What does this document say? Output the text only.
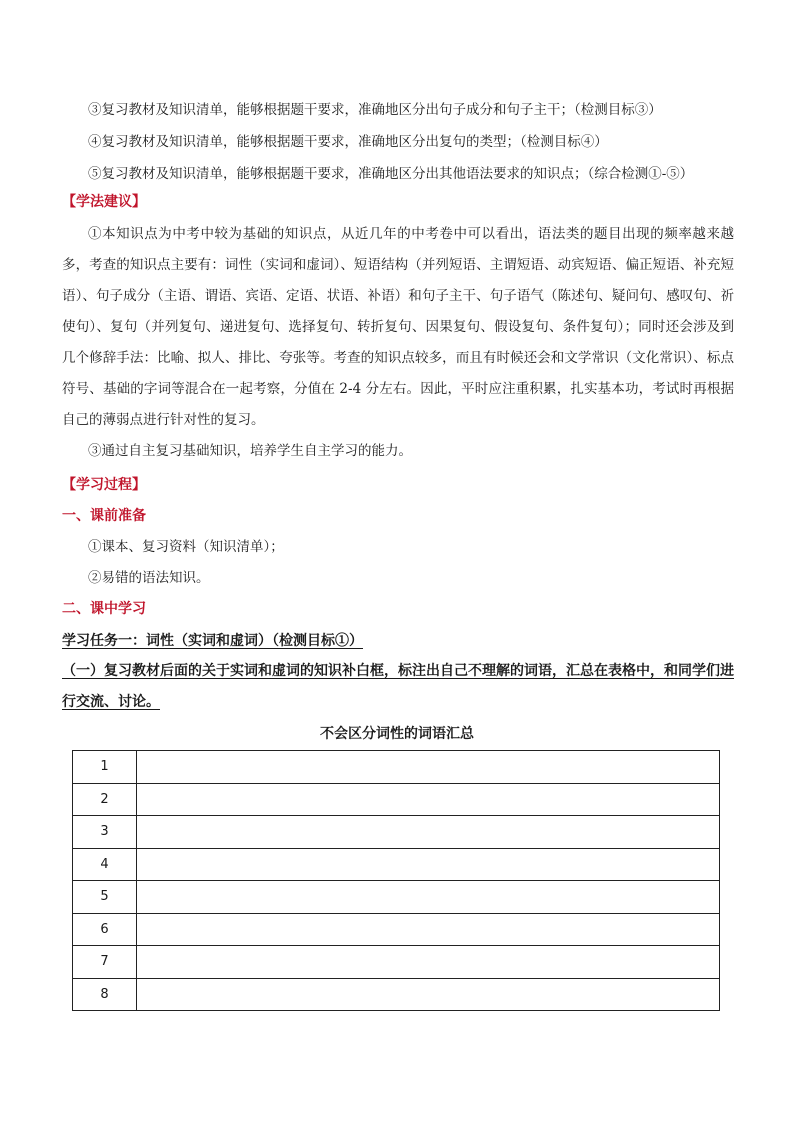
③复习教材及知识清单，能够根据题干要求，准确地区分出句子成分和句子主干；（检测目标③）
④复习教材及知识清单，能够根据题干要求，准确地区分出复句的类型；（检测目标④）
⑤复习教材及知识清单，能够根据题干要求，准确地区分出其他语法要求的知识点；（综合检测①-⑤）
【学法建议】

①本知识点为中考中较为基础的知识点，从近几年的中考卷中可以看出，语法类的题目出现的频率越来越多，考查的知识点主要有：词性（实词和虚词）、短语结构（并列短语、主谓短语、动宾短语、偏正短语、补充短语）、句子成分（主语、谓语、宾语、定语、状语、补语）和句子主干、句子语气（陈述句、疑问句、感叹句、祈使句）、复句（并列复句、递进复句、选择复句、转折复句、因果复句、假设复句、条件复句）；同时还会涉及到几个修辞手法：比喻、拟人、排比、夸张等。考查的知识点较多，而且有时候还会和文学常识（文化常识）、标点符号、基础的字词等混合在一起考察，分值在 2-4 分左右。因此，平时应注重积累，扎实基本功，考试时再根据自己的薄弱点进行针对性的复习。

③通过自主复习基础知识，培养学生自主学习的能力。

【学习过程】
一、课前准备
①课本、复习资料（知识清单）；
②易错的语法知识。
二、课中学习
学习任务一：词性（实词和虚词）（检测目标①）

（一）复习教材后面的关于实词和虚词的知识补白框，标注出自己不理解的词语，汇总在表格中，和同学们进行交流、讨论。

不会区分词性的词语汇总
1	
2	
3	
4	
5	
6	
7	
8	
